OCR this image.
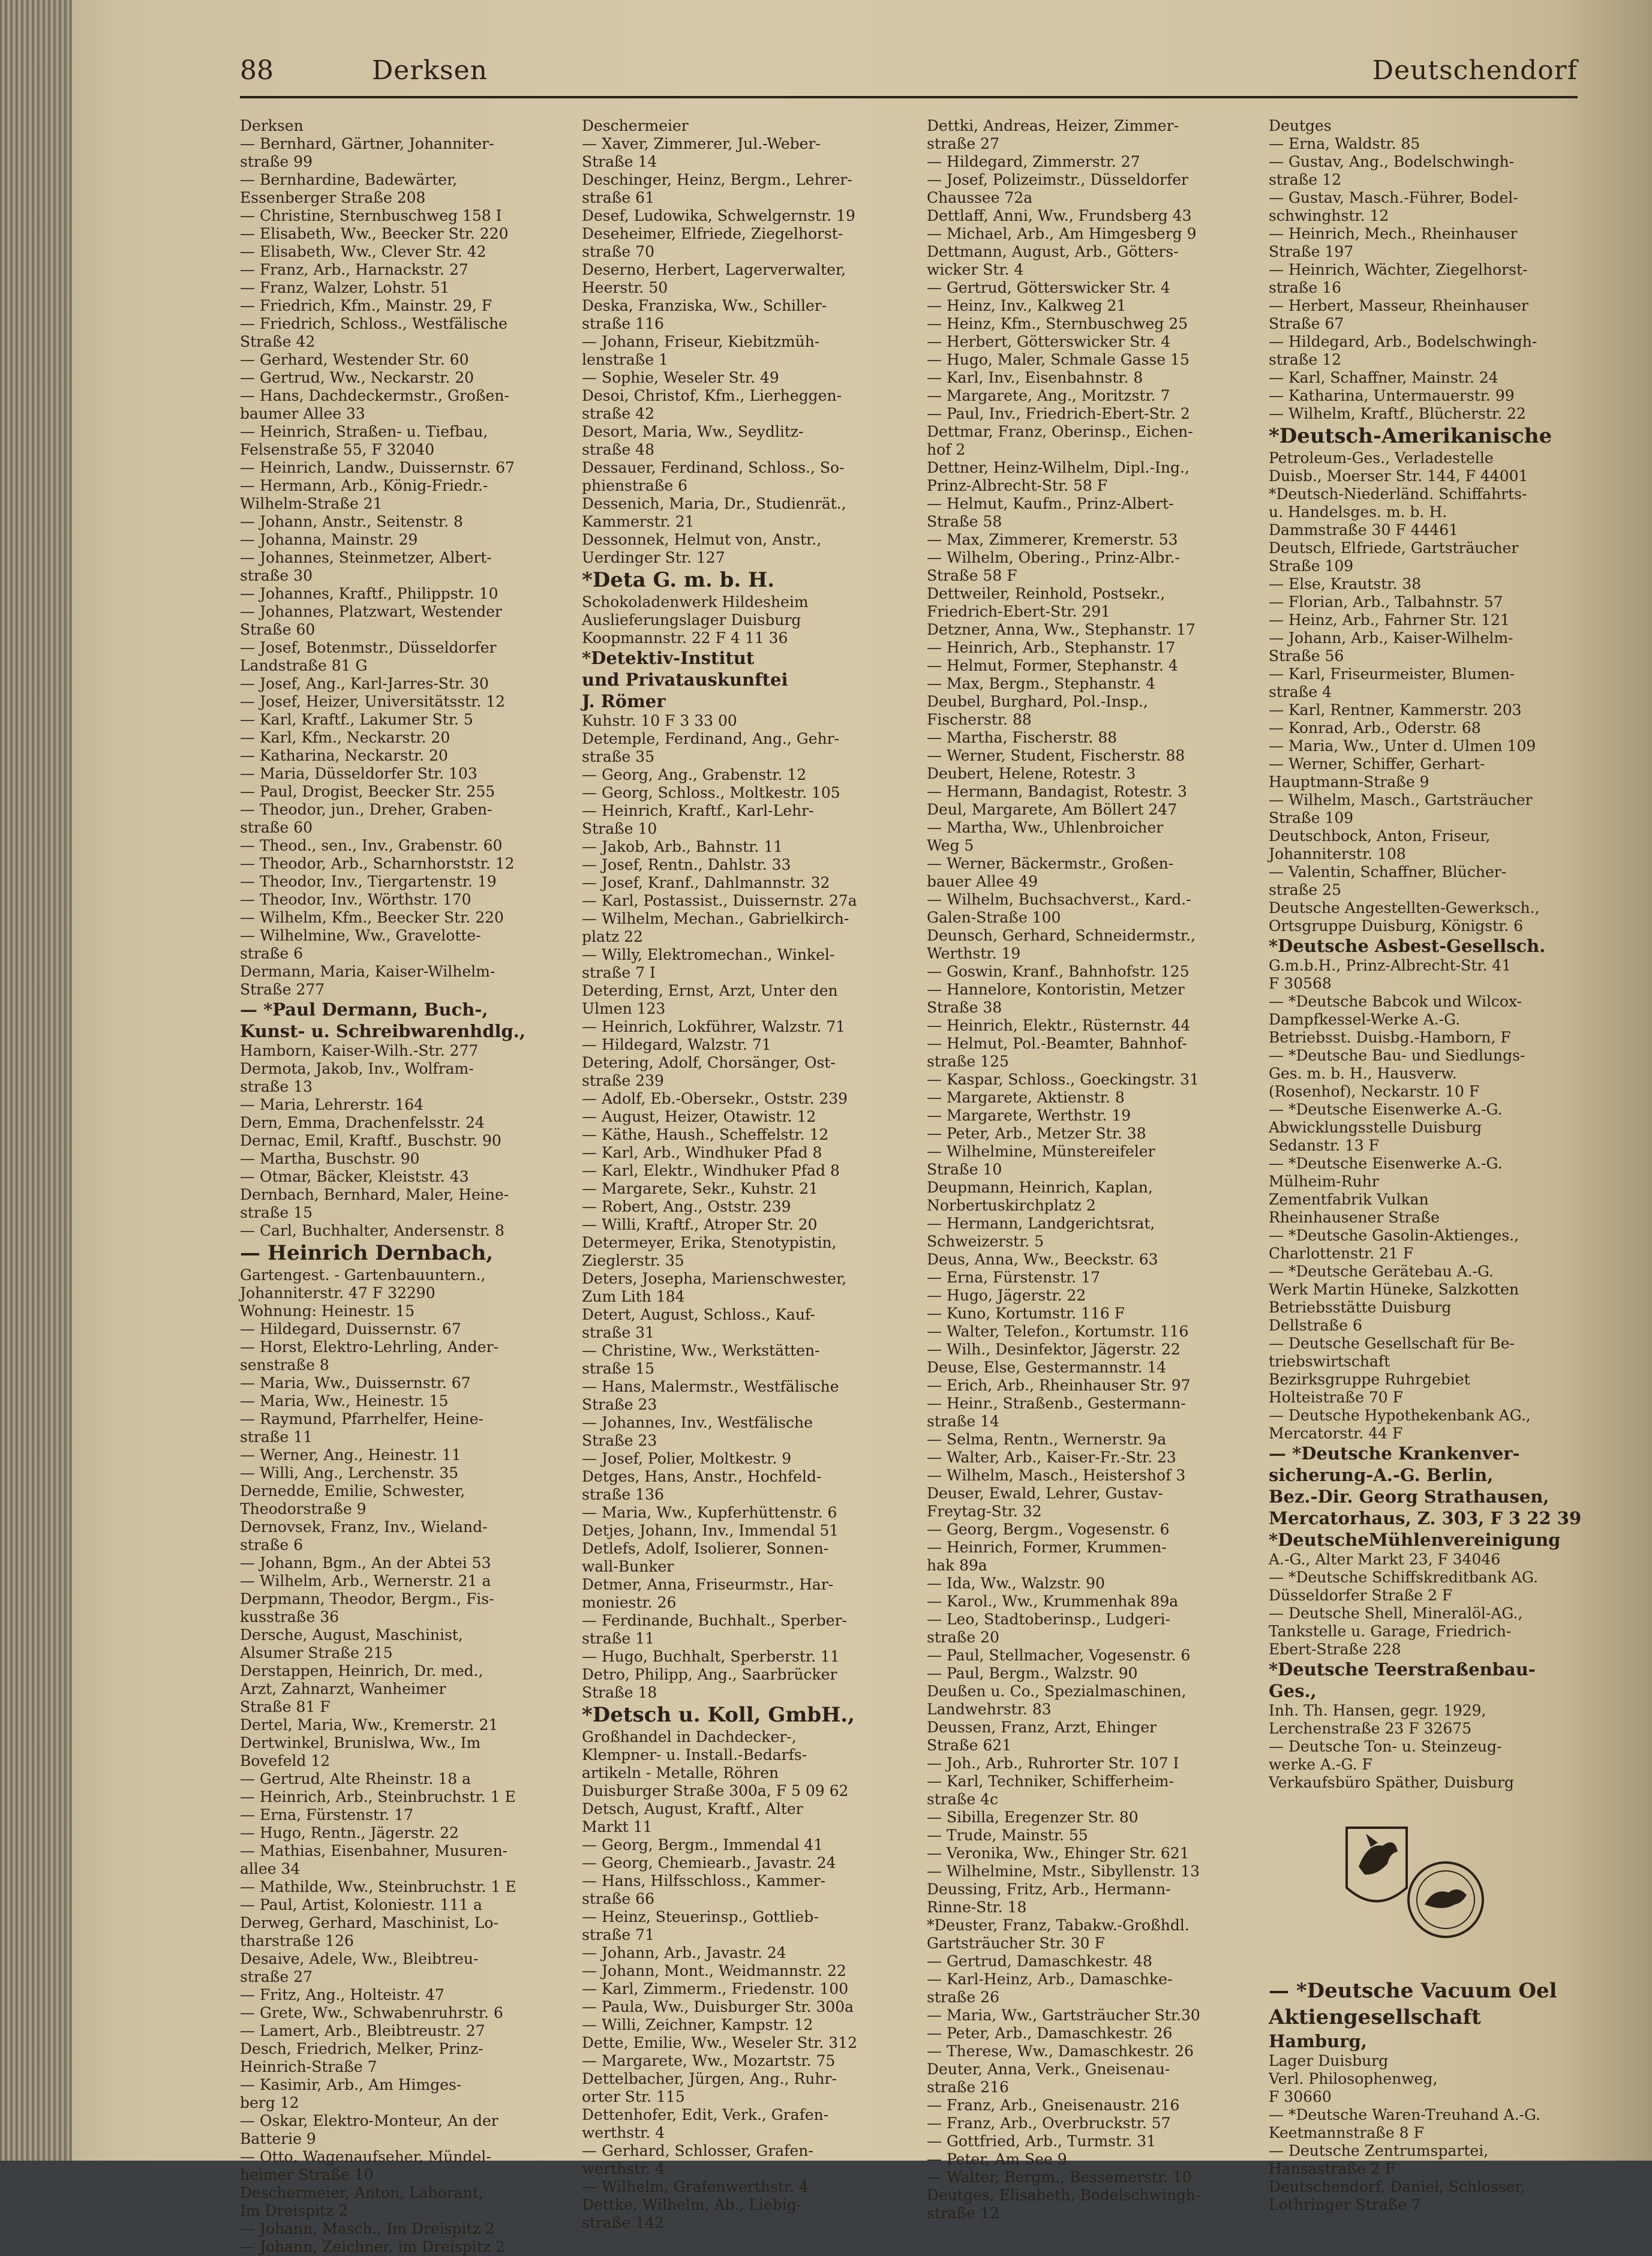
88	Derksen	Deutschendorf
Derksen
— Bernhard, Gärtner, Johanniter-
straße 99
— Bernhardine, Badewärter,
Essenberger Straße 208
— Christine, Sternbuschweg 158 I
— Elisabeth, Ww., Beecker Str. 220
— Elisabeth, Ww., Clever Str. 42
— Franz, Arb., Harnackstr. 27
— Franz, Walzer, Lohstr. 51
— Friedrich, Kfm., Mainstr. 29, F
— Friedrich, Schloss., Westfälische
Straße 42
— Gerhard, Westender Str. 60
— Gertrud, Ww., Neckarstr. 20
— Hans, Dachdeckermstr., Großen-
baumer Allee 33
— Heinrich, Straßen- u. Tiefbau,
Felsenstraße 55, F 32040
— Heinrich, Landw., Duissernstr. 67
— Hermann, Arb., König-Friedr.-
Wilhelm-Straße 21
— Johann, Anstr., Seitenstr. 8
— Johanna, Mainstr. 29
— Johannes, Steinmetzer, Albert-
straße 30
— Johannes, Kraftf., Philippstr. 10
— Johannes, Platzwart, Westender
Straße 60
— Josef, Botenmstr., Düsseldorfer
Landstraße 81 G
— Josef, Ang., Karl-Jarres-Str. 30
— Josef, Heizer, Universitätsstr. 12
— Karl, Kraftf., Lakumer Str. 5
— Karl, Kfm., Neckarstr. 20
— Katharina, Neckarstr. 20
— Maria, Düsseldorfer Str. 103
— Paul, Drogist, Beecker Str. 255
— Theodor, jun., Dreher, Graben-
straße 60
— Theod., sen., Inv., Grabenstr. 60
— Theodor, Arb., Scharnhorststr. 12
— Theodor, Inv., Tiergartenstr. 19
— Theodor, Inv., Wörthstr. 170
— Wilhelm, Kfm., Beecker Str. 220
— Wilhelmine, Ww., Gravelotte-
straße 6
Dermann, Maria, Kaiser-Wilhelm-
Straße 277
— *Paul Dermann, Buch-,
Kunst- u. Schreibwarenhdlg.,
Hamborn, Kaiser-Wilh.-Str. 277
Dermota, Jakob, Inv., Wolfram-
straße 13
— Maria, Lehrerstr. 164
Dern, Emma, Drachenfelsstr. 24
Dernac, Emil, Kraftf., Buschstr. 90
— Martha, Buschstr. 90
— Otmar, Bäcker, Kleiststr. 43
Dernbach, Bernhard, Maler, Heine-
straße 15
— Carl, Buchhalter, Andersenstr. 8
— Heinrich Dernbach,
Gartengest. - Gartenbauuntern.,
Johanniterstr. 47 F 32290
Wohnung: Heinestr. 15
— Hildegard, Duissernstr. 67
— Horst, Elektro-Lehrling, Ander-
senstraße 8
— Maria, Ww., Duissernstr. 67
— Maria, Ww., Heinestr. 15
— Raymund, Pfarrhelfer, Heine-
straße 11
— Werner, Ang., Heinestr. 11
— Willi, Ang., Lerchenstr. 35
Dernedde, Emilie, Schwester,
Theodorstraße 9
Dernovsek, Franz, Inv., Wieland-
straße 6
— Johann, Bgm., An der Abtei 53
— Wilhelm, Arb., Wernerstr. 21 a
Derpmann, Theodor, Bergm., Fis-
kusstraße 36
Dersche, August, Maschinist,
Alsumer Straße 215
Derstappen, Heinrich, Dr. med.,
Arzt, Zahnarzt, Wanheimer
Straße 81 F
Dertel, Maria, Ww., Kremerstr. 21
Dertwinkel, Brunislwa, Ww., Im
Bovefeld 12
— Gertrud, Alte Rheinstr. 18 a
— Heinrich, Arb., Steinbruchstr. 1 E
— Erna, Fürstenstr. 17
— Hugo, Rentn., Jägerstr. 22
— Mathias, Eisenbahner, Musuren-
allee 34
— Mathilde, Ww., Steinbruchstr. 1 E
— Paul, Artist, Koloniestr. 111 a
Derweg, Gerhard, Maschinist, Lo-
tharstraße 126
Desaive, Adele, Ww., Bleibtreu-
straße 27
— Fritz, Ang., Holteistr. 47
— Grete, Ww., Schwabenruhrstr. 6
— Lamert, Arb., Bleibtreustr. 27
Desch, Friedrich, Melker, Prinz-
Heinrich-Straße 7
— Kasimir, Arb., Am Himges-
berg 12
— Oskar, Elektro-Monteur, An der
Batterie 9
— Otto, Wagenaufseher, Mündel-
heimer Straße 10
Deschermeier, Anton, Laborant,
Im Dreispitz 2
— Johann, Masch., Im Dreispitz 2
— Johann, Zeichner, im Dreispitz 2
Deschermeier
— Xaver, Zimmerer, Jul.-Weber-
Straße 14
Deschinger, Heinz, Bergm., Lehrer-
straße 61
Desef, Ludowika, Schwelgernstr. 19
Deseheimer, Elfriede, Ziegelhorst-
straße 70
Deserno, Herbert, Lagerverwalter,
Heerstr. 50
Deska, Franziska, Ww., Schiller-
straße 116
— Johann, Friseur, Kiebitzmüh-
lenstraße 1
— Sophie, Weseler Str. 49
Desoi, Christof, Kfm., Lierheggen-
straße 42
Desort, Maria, Ww., Seydlitz-
straße 48
Dessauer, Ferdinand, Schloss., So-
phienstraße 6
Dessenich, Maria, Dr., Studienrät.,
Kammerstr. 21
Dessonnek, Helmut von, Anstr.,
Uerdinger Str. 127
*Deta G. m. b. H.
Schokoladenwerk Hildesheim
Auslieferungslager Duisburg
Koopmannstr. 22 F 4 11 36
*Detektiv-Institut
und Privatauskunftei
J. Römer
Kuhstr. 10 F 3 33 00
Detemple, Ferdinand, Ang., Gehr-
straße 35
— Georg, Ang., Grabenstr. 12
— Georg, Schloss., Moltkestr. 105
— Heinrich, Kraftf., Karl-Lehr-
Straße 10
— Jakob, Arb., Bahnstr. 11
— Josef, Rentn., Dahlstr. 33
— Josef, Kranf., Dahlmannstr. 32
— Karl, Postassist., Duissernstr. 27a
— Wilhelm, Mechan., Gabrielkirch-
platz 22
— Willy, Elektromechan., Winkel-
straße 7 I
Deterding, Ernst, Arzt, Unter den
Ulmen 123
— Heinrich, Lokführer, Walzstr. 71
— Hildegard, Walzstr. 71
Detering, Adolf, Chorsänger, Ost-
straße 239
— Adolf, Eb.-Obersekr., Oststr. 239
— August, Heizer, Otawistr. 12
— Käthe, Haush., Scheffelstr. 12
— Karl, Arb., Windhuker Pfad 8
— Karl, Elektr., Windhuker Pfad 8
— Margarete, Sekr., Kuhstr. 21
— Robert, Ang., Oststr. 239
— Willi, Kraftf., Atroper Str. 20
Determeyer, Erika, Stenotypistin,
Zieglerstr. 35
Deters, Josepha, Marienschwester,
Zum Lith 184
Detert, August, Schloss., Kauf-
straße 31
— Christine, Ww., Werkstätten-
straße 15
— Hans, Malermstr., Westfälische
Straße 23
— Johannes, Inv., Westfälische
Straße 23
— Josef, Polier, Moltkestr. 9
Detges, Hans, Anstr., Hochfeld-
straße 136
— Maria, Ww., Kupferhüttenstr. 6
Detjes, Johann, Inv., Immendal 51
Detlefs, Adolf, Isolierer, Sonnen-
wall-Bunker
Detmer, Anna, Friseurmstr., Har-
moniestr. 26
— Ferdinande, Buchhalt., Sperber-
straße 11
— Hugo, Buchhalt, Sperberstr. 11
Detro, Philipp, Ang., Saarbrücker
Straße 18
*Detsch u. Koll, GmbH.,
Großhandel in Dachdecker-,
Klempner- u. Install.-Bedarfs-
artikeln - Metalle, Röhren
Duisburger Straße 300a, F 5 09 62
Detsch, August, Kraftf., Alter
Markt 11
— Georg, Bergm., Immendal 41
— Georg, Chemiearb., Javastr. 24
— Hans, Hilfsschloss., Kammer-
straße 66
— Heinz, Steuerinsp., Gottlieb-
straße 71
— Johann, Arb., Javastr. 24
— Johann, Mont., Weidmannstr. 22
— Karl, Zimmerm., Friedenstr. 100
— Paula, Ww., Duisburger Str. 300a
— Willi, Zeichner, Kampstr. 12
Dette, Emilie, Ww., Weseler Str. 312
— Margarete, Ww., Mozartstr. 75
Dettelbacher, Jürgen, Ang., Ruhr-
orter Str. 115
Dettenhofer, Edit, Verk., Grafen-
werthstr. 4
— Gerhard, Schlosser, Grafen-
werthstr. 4
— Wilhelm, Grafenwerthstr. 4
Dettke, Wilhelm, Ab., Liebig-
straße 142
Dettki, Andreas, Heizer, Zimmer-
straße 27
— Hildegard, Zimmerstr. 27
— Josef, Polizeimstr., Düsseldorfer
Chaussee 72a
Dettlaff, Anni, Ww., Frundsberg 43
— Michael, Arb., Am Himgesberg 9
Dettmann, August, Arb., Götters-
wicker Str. 4
— Gertrud, Götterswicker Str. 4
— Heinz, Inv., Kalkweg 21
— Heinz, Kfm., Sternbuschweg 25
— Herbert, Götterswicker Str. 4
— Hugo, Maler, Schmale Gasse 15
— Karl, Inv., Eisenbahnstr. 8
— Margarete, Ang., Moritzstr. 7
— Paul, Inv., Friedrich-Ebert-Str. 2
Dettmar, Franz, Oberinsp., Eichen-
hof 2
Dettner, Heinz-Wilhelm, Dipl.-Ing.,
Prinz-Albrecht-Str. 58 F
— Helmut, Kaufm., Prinz-Albert-
Straße 58
— Max, Zimmerer, Kremerstr. 53
— Wilhelm, Obering., Prinz-Albr.-
Straße 58 F
Dettweiler, Reinhold, Postsekr.,
Friedrich-Ebert-Str. 291
Detzner, Anna, Ww., Stephanstr. 17
— Heinrich, Arb., Stephanstr. 17
— Helmut, Former, Stephanstr. 4
— Max, Bergm., Stephanstr. 4
Deubel, Burghard, Pol.-Insp.,
Fischerstr. 88
— Martha, Fischerstr. 88
— Werner, Student, Fischerstr. 88
Deubert, Helene, Rotestr. 3
— Hermann, Bandagist, Rotestr. 3
Deul, Margarete, Am Böllert 247
— Martha, Ww., Uhlenbroicher
Weg 5
— Werner, Bäckermstr., Großen-
bauer Allee 49
— Wilhelm, Buchsachverst., Kard.-
Galen-Straße 100
Deunsch, Gerhard, Schneidermstr.,
Werthstr. 19
— Goswin, Kranf., Bahnhofstr. 125
— Hannelore, Kontoristin, Metzer
Straße 38
— Heinrich, Elektr., Rüsternstr. 44
— Helmut, Pol.-Beamter, Bahnhof-
straße 125
— Kaspar, Schloss., Goeckingstr. 31
— Margarete, Aktienstr. 8
— Margarete, Werthstr. 19
— Peter, Arb., Metzer Str. 38
— Wilhelmine, Münstereifeler
Straße 10
Deupmann, Heinrich, Kaplan,
Norbertuskirchplatz 2
— Hermann, Landgerichtsrat,
Schweizerstr. 5
Deus, Anna, Ww., Beeckstr. 63
— Erna, Fürstenstr. 17
— Hugo, Jägerstr. 22
— Kuno, Kortumstr. 116 F
— Walter, Telefon., Kortumstr. 116
— Wilh., Desinfektor, Jägerstr. 22
Deuse, Else, Gestermannstr. 14
— Erich, Arb., Rheinhauser Str. 97
— Heinr., Straßenb., Gestermann-
straße 14
— Selma, Rentn., Wernerstr. 9a
— Walter, Arb., Kaiser-Fr.-Str. 23
— Wilhelm, Masch., Heistershof 3
Deuser, Ewald, Lehrer, Gustav-
Freytag-Str. 32
— Georg, Bergm., Vogesenstr. 6
— Heinrich, Former, Krummen-
hak 89a
— Ida, Ww., Walzstr. 90
— Karol., Ww., Krummenhak 89a
— Leo, Stadtoberinsp., Ludgeri-
straße 20
— Paul, Stellmacher, Vogesenstr. 6
— Paul, Bergm., Walzstr. 90
Deußen u. Co., Spezialmaschinen,
Landwehrstr. 83
Deussen, Franz, Arzt, Ehinger
Straße 621
— Joh., Arb., Ruhrorter Str. 107 I
— Karl, Techniker, Schifferheim-
straße 4c
— Sibilla, Eregenzer Str. 80
— Trude, Mainstr. 55
— Veronika, Ww., Ehinger Str. 621
— Wilhelmine, Mstr., Sibyllenstr. 13
Deussing, Fritz, Arb., Hermann-
Rinne-Str. 18
*Deuster, Franz, Tabakw.-Großhdl.
Gartsträucher Str. 30 F
— Gertrud, Damaschkestr. 48
— Karl-Heinz, Arb., Damaschke-
straße 26
— Maria, Ww., Gartsträucher Str.30
— Peter, Arb., Damaschkestr. 26
— Therese, Ww., Damaschkestr. 26
Deuter, Anna, Verk., Gneisenau-
straße 216
— Franz, Arb., Gneisenaustr. 216
— Franz, Arb., Overbruckstr. 57
— Gottfried, Arb., Turmstr. 31
— Peter, Am See 9
— Walter, Bergm., Bessemerstr. 10
Deutges, Elisabeth, Bodelschwingh-
straße 12
Deutges
— Erna, Waldstr. 85
— Gustav, Ang., Bodelschwingh-
straße 12
— Gustav, Masch.-Führer, Bodel-
schwinghstr. 12
— Heinrich, Mech., Rheinhauser
Straße 197
— Heinrich, Wächter, Ziegelhorst-
straße 16
— Herbert, Masseur, Rheinhauser
Straße 67
— Hildegard, Arb., Bodelschwingh-
straße 12
— Karl, Schaffner, Mainstr. 24
— Katharina, Untermauerstr. 99
— Wilhelm, Kraftf., Blücherstr. 22
*Deutsch-Amerikanische
Petroleum-Ges., Verladestelle
Duisb., Moerser Str. 144, F 44001
*Deutsch-Niederländ. Schiffahrts-
u. Handelsges. m. b. H.
Dammstraße 30 F 44461
Deutsch, Elfriede, Gartsträucher
Straße 109
— Else, Krautstr. 38
— Florian, Arb., Talbahnstr. 57
— Heinz, Arb., Fahrner Str. 121
— Johann, Arb., Kaiser-Wilhelm-
Straße 56
— Karl, Friseurmeister, Blumen-
straße 4
— Karl, Rentner, Kammerstr. 203
— Konrad, Arb., Oderstr. 68
— Maria, Ww., Unter d. Ulmen 109
— Werner, Schiffer, Gerhart-
Hauptmann-Straße 9
— Wilhelm, Masch., Gartsträucher
Straße 109
Deutschbock, Anton, Friseur,
Johanniterstr. 108
— Valentin, Schaffner, Blücher-
straße 25
Deutsche Angestellten-Gewerksch.,
Ortsgruppe Duisburg, Königstr. 6
*Deutsche Asbest-Gesellsch.
G.m.b.H., Prinz-Albrecht-Str. 41
F 30568
— *Deutsche Babcok und Wilcox-
Dampfkessel-Werke A.-G.
Betriebsst. Duisbg.-Hamborn, F
— *Deutsche Bau- und Siedlungs-
Ges. m. b. H., Hausverw.
(Rosenhof), Neckarstr. 10 F
— *Deutsche Eisenwerke A.-G.
Abwicklungsstelle Duisburg
Sedanstr. 13 F
— *Deutsche Eisenwerke A.-G.
Mülheim-Ruhr
Zementfabrik Vulkan
Rheinhausener Straße
— *Deutsche Gasolin-Aktienges.,
Charlottenstr. 21 F
— *Deutsche Gerätebau A.-G.
Werk Martin Hüneke, Salzkotten
Betriebsstätte Duisburg
Dellstraße 6
— Deutsche Gesellschaft für Be-
triebswirtschaft
Bezirksgruppe Ruhrgebiet
Holteistraße 70 F
— Deutsche Hypothekenbank AG.,
Mercatorstr. 44 F
— *Deutsche Krankenver-
sicherung-A.-G. Berlin,
Bez.-Dir. Georg Strathausen,
Mercatorhaus, Z. 303, F 3 22 39
*DeutscheMühlenvereinigung
A.-G., Alter Markt 23, F 34046
— *Deutsche Schiffskreditbank AG.
Düsseldorfer Straße 2 F
— Deutsche Shell, Mineralöl-AG.,
Tankstelle u. Garage, Friedrich-
Ebert-Straße 228
*Deutsche Teerstraßenbau-
Ges.,
Inh. Th. Hansen, gegr. 1929,
Lerchenstraße 23 F 32675
— Deutsche Ton- u. Steinzeug-
werke A.-G. F
Verkaufsbüro Späther, Duisburg
— *Deutsche Vacuum Oel
Aktiengesellschaft
Hamburg,
Lager Duisburg
Verl. Philosophenweg,
F 30660
— *Deutsche Waren-Treuhand A.-G.
Keetmannstraße 8 F
— Deutsche Zentrumspartei,
Hansastraße 2 F
Deutschendorf, Daniel, Schlosser,
Lothringer Straße 7
